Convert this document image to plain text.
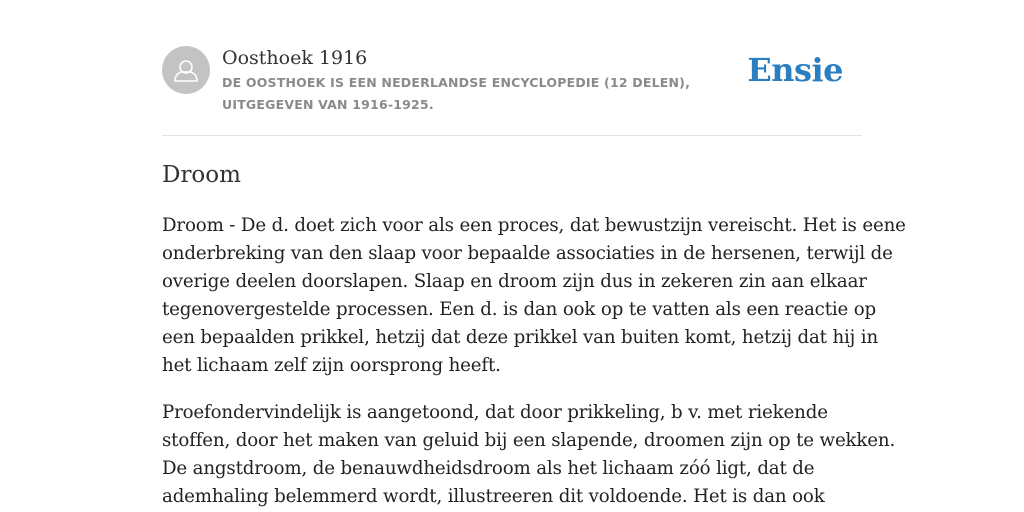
Oosthoek 1916
DE OOSTHOEK IS EEN NEDERLANDSE ENCYCLOPEDIE (12 DELEN), UITGEGEVEN VAN 1916-1925.
Ensie
Droom

Droom - De d. doet zich voor als een proces, dat bewustzijn vereischt. Het is eene
onderbreking van den slaap voor bepaalde associaties in de hersenen, terwijl de
overige deelen doorslapen. Slaap en droom zijn dus in zekeren zin aan elkaar
tegenovergestelde processen. Een d. is dan ook op te vatten als een reactie op
een bepaalden prikkel, hetzij dat deze prikkel van buiten komt, hetzij dat hij in
het lichaam zelf zijn oorsprong heeft.

Proefondervindelijk is aangetoond, dat door prikkeling, b v. met riekende
stoffen, door het maken van geluid bij een slapende, droomen zijn op te wekken.
De angstdroom, de benauwdheidsdroom als het lichaam zóó ligt, dat de
ademhaling belemmerd wordt, illustreeren dit voldoende. Het is dan ook
